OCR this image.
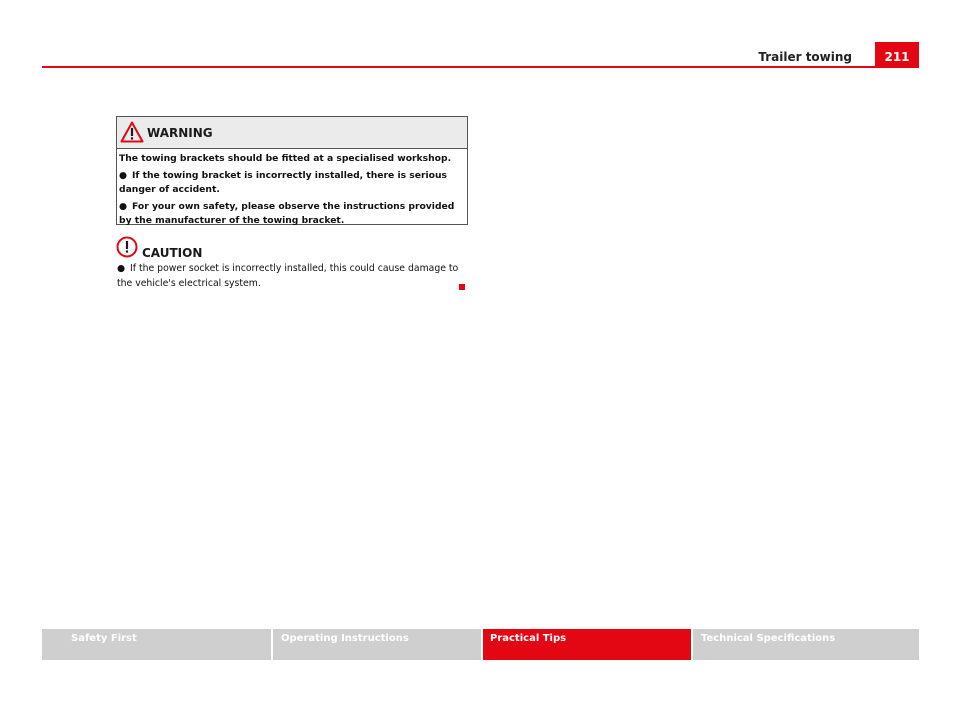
Trailer towing	211
WARNING

The towing brackets should be fitted at a specialised workshop.

● If the towing bracket is incorrectly installed, there is serious danger of accident.

● For your own safety, please observe the instructions provided by the manufacturer of the towing bracket.

CAUTION
● If the power socket is incorrectly installed, this could cause damage to the vehicle's electrical system.
Safety First	Operating Instructions	Practical Tips	Technical Specifications
